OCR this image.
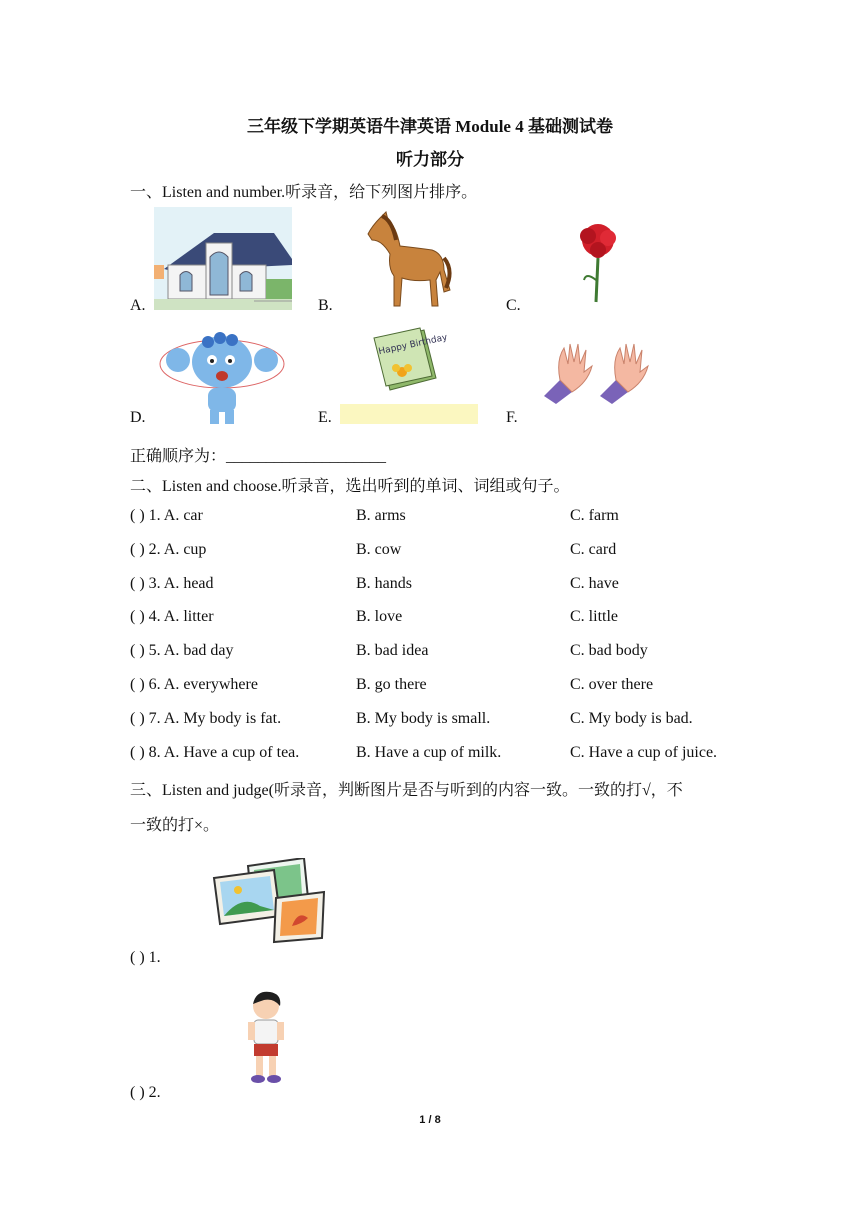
三年级下学期英语牛津英语 Module 4 基础测试卷
听力部分
一、Listen and number.听录音，给下列图片排序。
A.	B.	C.
D.
Happy Birthday
E.	F.
正确顺序为：____________________
二、Listen and choose.听录音，选出听到的单词、词组或句子。
( ) 1. A. car	B. arms	C. farm
( ) 2. A. cup	B. cow	C. card
( ) 3. A. head	B. hands	C. have
( ) 4. A. litter	B. love	C. little
( ) 5. A. bad day	B. bad idea	C. bad body
( ) 6. A. everywhere	B. go there	C. over there
( ) 7. A. My body is fat.	B. My body is small.	C. My body is bad.
( ) 8. A. Have a cup of tea.	B. Have a cup of milk.	C. Have a cup of juice.
三、Listen and judge(听录音，判断图片是否与听到的内容一致。一致的打√，不
一致的打×。
( ) 1.
( ) 2.
1 / 8
